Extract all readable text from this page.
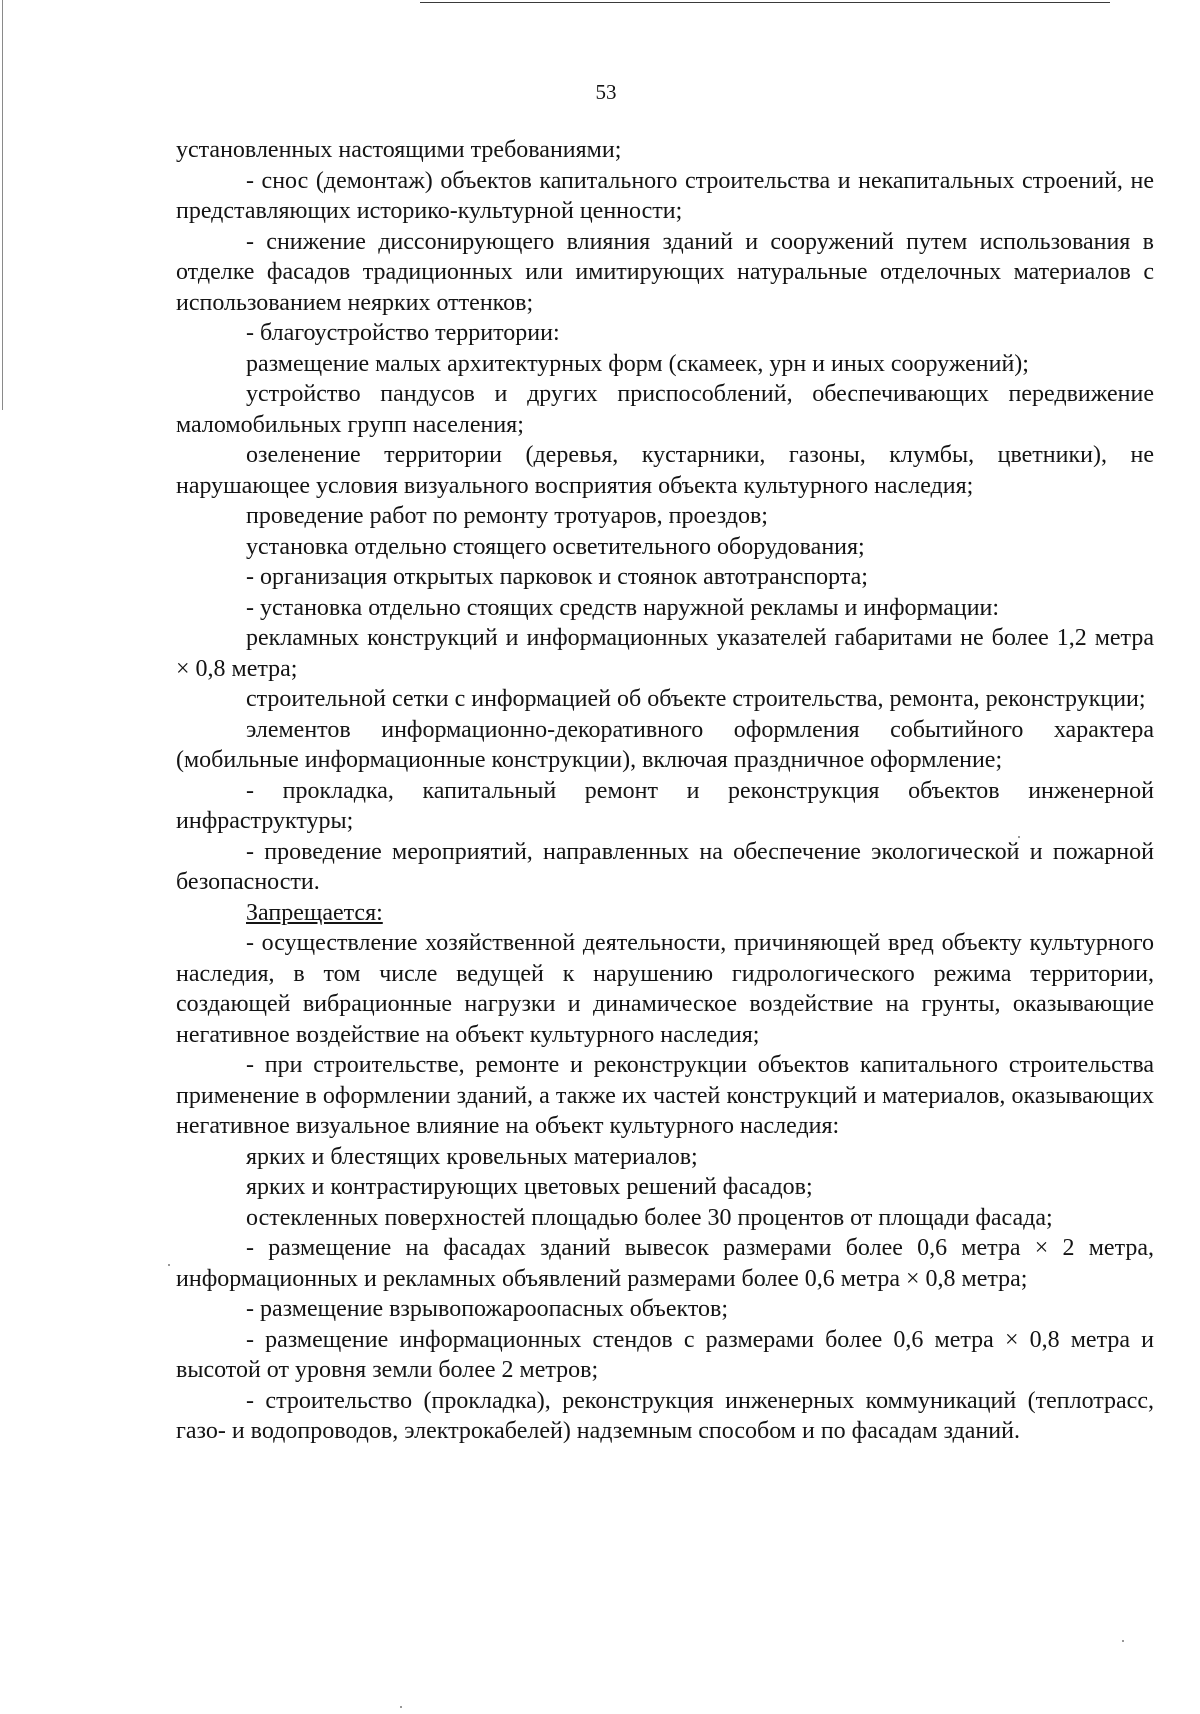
53

установленных настоящими требованиями;

- снос (демонтаж) объектов капитального строительства и некапитальных строений, не представляющих историко-культурной ценности;

- снижение диссонирующего влияния зданий и сооружений путем использования в отделке фасадов традиционных или имитирующих натуральные отделочных материалов с использованием неярких оттенков;

- благоустройство территории:

размещение малых архитектурных форм (скамеек, урн и иных сооружений);

устройство пандусов и других приспособлений, обеспечивающих передвижение маломобильных групп населения;

озеленение территории (деревья, кустарники, газоны, клумбы, цветники), не нарушающее условия визуального восприятия объекта культурного наследия;

проведение работ по ремонту тротуаров, проездов;

установка отдельно стоящего осветительного оборудования;

- организация открытых парковок и стоянок автотранспорта;

- установка отдельно стоящих средств наружной рекламы и информации:

рекламных конструкций и информационных указателей габаритами не более 1,2 метра × 0,8 метра;

строительной сетки с информацией об объекте строительства, ремонта, реконструкции;

элементов информационно-декоративного оформления событийного характера (мобильные информационные конструкции), включая праздничное оформление;

- прокладка, капитальный ремонт и реконструкция объектов инженерной инфраструктуры;

- проведение мероприятий, направленных на обеспечение экологической и пожарной безопасности.

Запрещается:

- осуществление хозяйственной деятельности, причиняющей вред объекту культурного наследия, в том числе ведущей к нарушению гидрологического режима территории, создающей вибрационные нагрузки и динамическое воздействие на грунты, оказывающие негативное воздействие на объект культурного наследия;

- при строительстве, ремонте и реконструкции объектов капитального строительства применение в оформлении зданий, а также их частей конструкций и материалов, оказывающих негативное визуальное влияние на объект культурного наследия:

ярких и блестящих кровельных материалов;

ярких и контрастирующих цветовых решений фасадов;

остекленных поверхностей площадью более 30 процентов от площади фасада;

- размещение на фасадах зданий вывесок размерами более 0,6 метра × 2 метра, информационных и рекламных объявлений размерами более 0,6 метра × 0,8 метра;

- размещение взрывопожароопасных объектов;

- размещение информационных стендов с размерами более 0,6 метра × 0,8 метра и высотой от уровня земли более 2 метров;

- строительство (прокладка), реконструкция инженерных коммуникаций (теплотрасс, газо- и водопроводов, электрокабелей) надземным способом и по фасадам зданий.
